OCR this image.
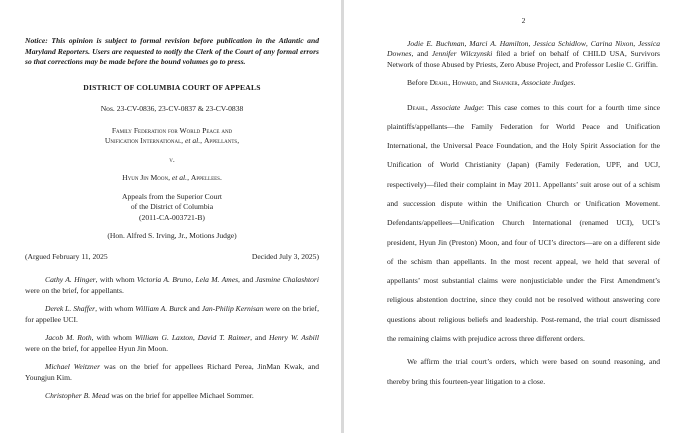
Notice: This opinion is subject to formal revision before publication in the Atlantic and Maryland Reporters. Users are requested to notify the Clerk of the Court of any formal errors so that corrections may be made before the bound volumes go to press.

DISTRICT OF COLUMBIA COURT OF APPEALS

Nos. 23-CV-0836, 23-CV-0837 & 23-CV-0838

Family Federation for World Peace and
Unification International, et al., Appellants,

v.

Hyun Jin Moon, et al., Appellees.

Appeals from the Superior Court
of the District of Columbia
(2011-CA-003721-B)

(Hon. Alfred S. Irving, Jr., Motions Judge)

(Argued February 11, 2025	Decided July 3, 2025)

Cathy A. Hinger, with whom Victoria A. Bruno, Lela M. Ames, and Jasmine Chalashtori were on the brief, for appellants.

Derek L. Shaffer, with whom William A. Burck and Jan-Philip Kernisan were on the brief, for appellee UCI.

Jacob M. Roth, with whom William G. Laxton, David T. Raimer, and Henry W. Asbill were on the brief, for appellee Hyun Jin Moon.

Michael Weitzner was on the brief for appellees Richard Perea, JinMan Kwak, and Youngjun Kim.

Christopher B. Mead was on the brief for appellee Michael Sommer.

2

Jodie E. Buchman, Marci A. Hamilton, Jessica Schidlow, Carina Nixon, Jessica Downes, and Jennifer Wilczynski filed a brief on behalf of CHILD USA, Survivors Network of those Abused by Priests, Zero Abuse Project, and Professor Leslie C. Griffin.

Before Deahl, Howard, and Shanker, Associate Judges.

Deahl, Associate Judge: This case comes to this court for a fourth time since plaintiffs/appellants—the Family Federation for World Peace and Unification International, the Universal Peace Foundation, and the Holy Spirit Association for the Unification of World Christianity (Japan) (Family Federation, UPF, and UCJ, respectively)—filed their complaint in May 2011. Appellants’ suit arose out of a schism and succession dispute within the Unification Church or Unification Movement. Defendants/appellees—Unification Church International (renamed UCI), UCI’s president, Hyun Jin (Preston) Moon, and four of UCI’s directors—are on a different side of the schism than appellants. In the most recent appeal, we held that several of appellants’ most substantial claims were nonjusticiable under the First Amendment’s religious abstention doctrine, since they could not be resolved without answering core questions about religious beliefs and leadership. Post-remand, the trial court dismissed the remaining claims with prejudice across three different orders.

We affirm the trial court’s orders, which were based on sound reasoning, and thereby bring this fourteen-year litigation to a close.
